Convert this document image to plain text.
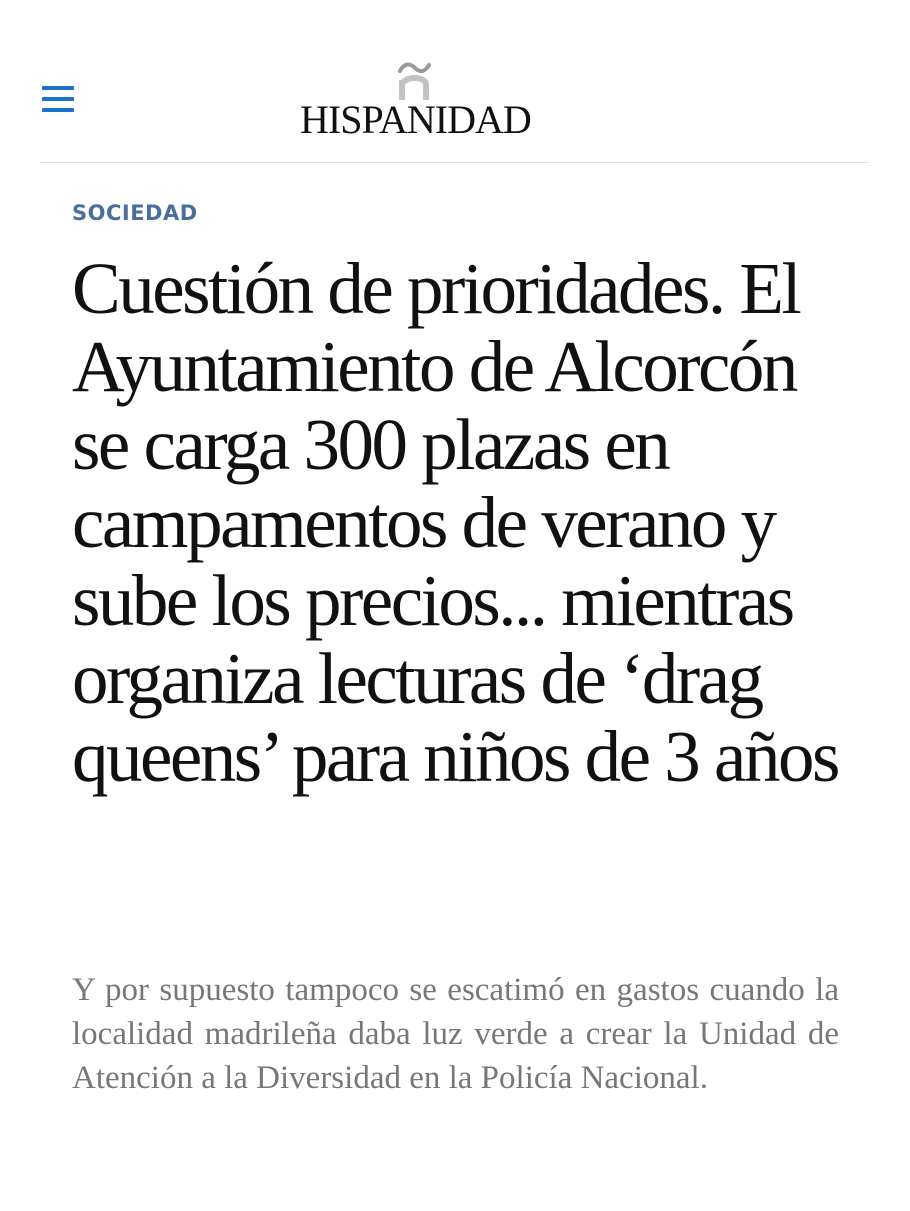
HISPANIDAD
SOCIEDAD
Cuestión de prioridades. El Ayuntamiento de Alcorcón se carga 300 plazas en campamentos de verano y sube los precios... mientras organiza lecturas de ‘drag queens’ para niños de 3 años

Y por supuesto tampoco se escatimó en gastos cuando la localidad madrileña daba luz verde a crear la Unidad de Atención a la Diversidad en la Policía Nacional.
